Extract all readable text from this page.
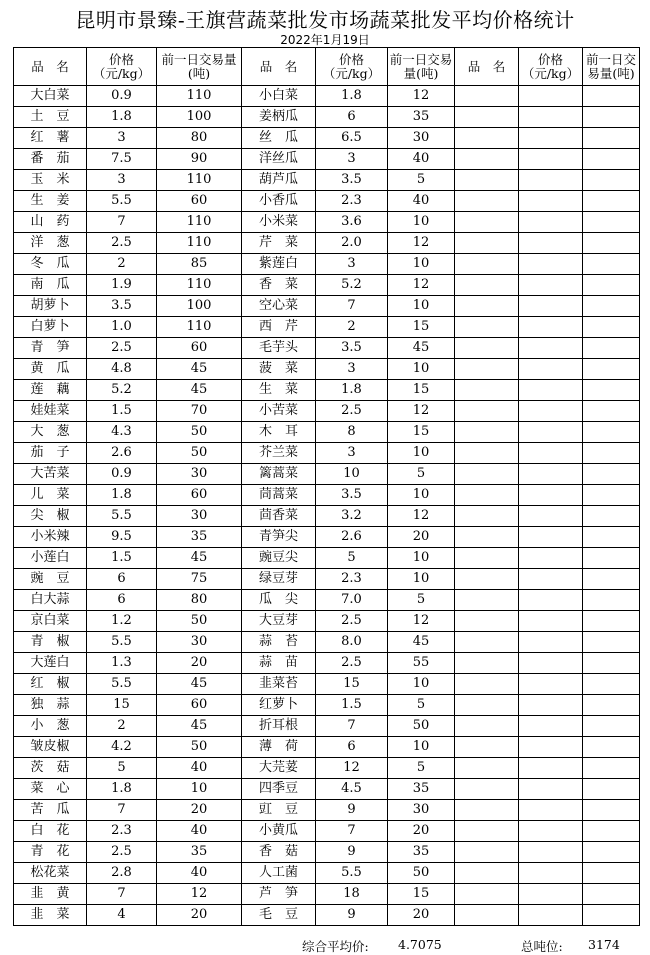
昆明市景臻-王旗营蔬菜批发市场蔬菜批发平均价格统计
2022年1月19日
品　名	价格（元/kg）	前一日交易量(吨)	品　名	价格（元/kg）	前一日交易量(吨)	品　名	价格（元/kg）	前一日交易量(吨)
大白菜	0.9	110	小白菜	1.8	12			
土　豆	1.8	100	姜柄瓜	6	35			
红　薯	3	80	丝　瓜	6.5	30			
番　茄	7.5	90	洋丝瓜	3	40			
玉　米	3	110	葫芦瓜	3.5	5			
生　姜	5.5	60	小香瓜	2.3	40			
山　药	7	110	小米菜	3.6	10			
洋　葱	2.5	110	芹　菜	2.0	12			
冬　瓜	2	85	紫莲白	3	10			
南　瓜	1.9	110	香　菜	5.2	12			
胡萝卜	3.5	100	空心菜	7	10			
白萝卜	1.0	110	西　芹	2	15			
青　笋	2.5	60	毛芋头	3.5	45			
黄　瓜	4.8	45	菠　菜	3	10			
莲　藕	5.2	45	生　菜	1.8	15			
娃娃菜	1.5	70	小苦菜	2.5	12			
大　葱	4.3	50	木　耳	8	15			
茄　子	2.6	50	芥兰菜	3	10			
大苦菜	0.9	30	篱蒿菜	10	5			
儿　菜	1.8	60	茼蒿菜	3.5	10			
尖　椒	5.5	30	茴香菜	3.2	12			
小米辣	9.5	35	青笋尖	2.6	20			
小莲白	1.5	45	豌豆尖	5	10			
豌　豆	6	75	绿豆芽	2.3	10			
白大蒜	6	80	瓜　尖	7.0	5			
京白菜	1.2	50	大豆芽	2.5	12			
青　椒	5.5	30	蒜　苔	8.0	45			
大莲白	1.3	20	蒜　苗	2.5	55			
红　椒	5.5	45	韭菜苔	15	10			
独　蒜	15	60	红萝卜	1.5	5			
小　葱	2	45	折耳根	7	50			
皱皮椒	4.2	50	薄　荷	6	10			
茨　菇	5	40	大芫荽	12	5			
菜　心	1.8	10	四季豆	4.5	35			
苦　瓜	7	20	豇　豆	9	30			
白　花	2.3	40	小黄瓜	7	20			
青　花	2.5	35	香　菇	9	35			
松花菜	2.8	40	人工菌	5.5	50			
韭　黄	7	12	芦　笋	18	15			
韭　菜	4	20	毛　豆	9	20			
综合平均价: 4.7075	总吨位: 3174
